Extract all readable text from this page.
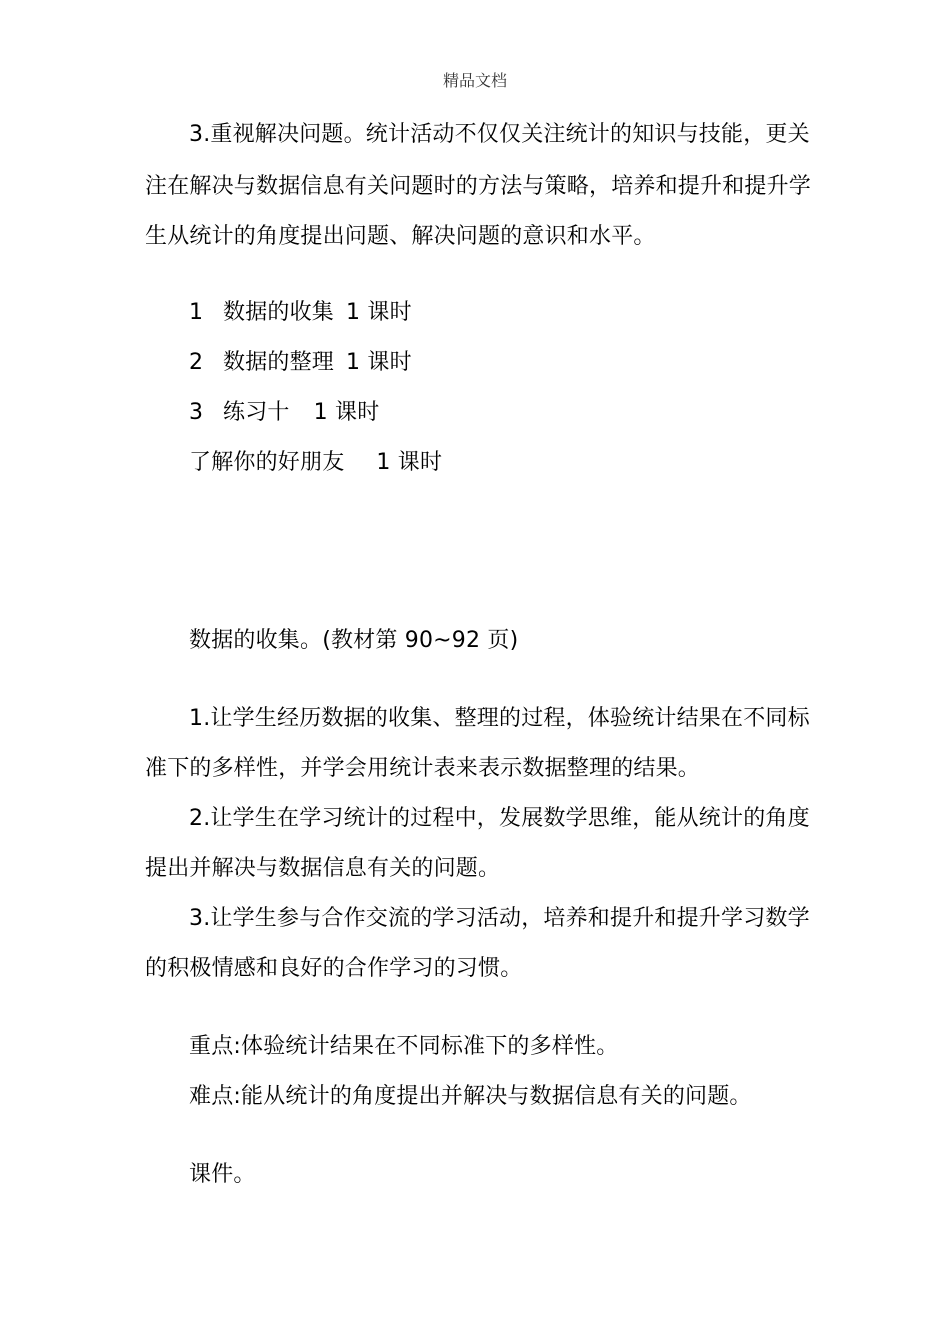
精品文档
3.重视解决问题。统计活动不仅仅关注统计的知识与技能，更关
注在解决与数据信息有关问题时的方法与策略，培养和提升和提升学
生从统计的角度提出问题、解决问题的意识和水平。
1 数据的收集 1 课时
2 数据的整理 1 课时
3 练习十 1 课时
了解你的好朋友 1 课时
数据的收集。(教材第 90~92 页)
1.让学生经历数据的收集、整理的过程，体验统计结果在不同标
准下的多样性，并学会用统计表来表示数据整理的结果。
2.让学生在学习统计的过程中，发展数学思维，能从统计的角度
提出并解决与数据信息有关的问题。
3.让学生参与合作交流的学习活动，培养和提升和提升学习数学
的积极情感和良好的合作学习的习惯。
重点:体验统计结果在不同标准下的多样性。
难点:能从统计的角度提出并解决与数据信息有关的问题。
课件。
